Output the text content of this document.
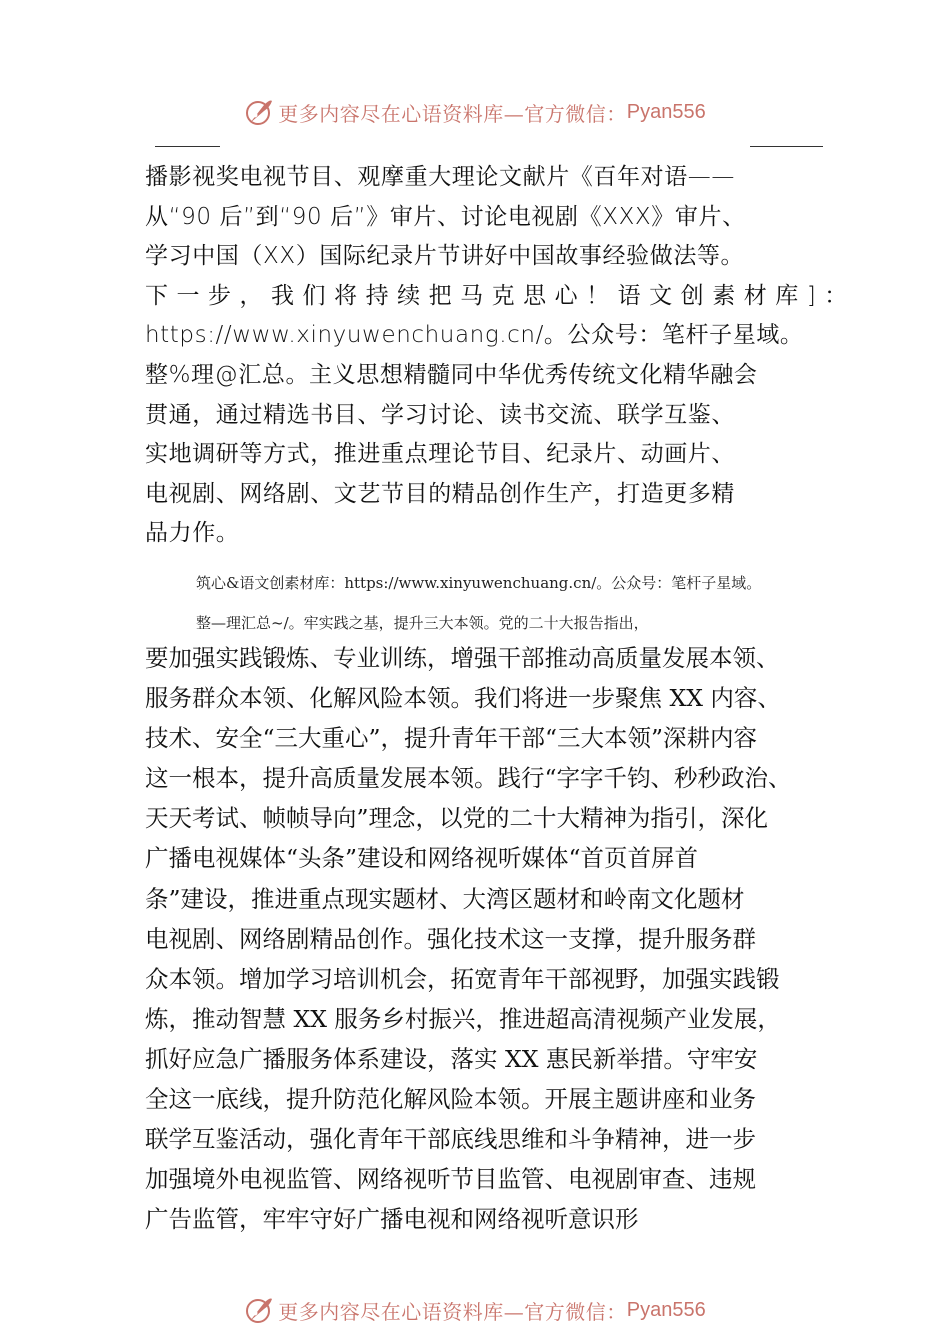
更多内容尽在心语资料库—官方微信： Pyan556
播影视奖电视节目、观摩重大理论文献片《百年对语——
从“90 后”到“90 后”》审片、讨论电视剧《XXX》审片、
学习中国（XX）国际纪录片节讲好中国故事经验做法等。
下 一 步 ， 我 们 将 持 续 把 马 克 思 心 ！ 语 文 创 素 材 库 ] ：
https://www.xinyuwenchuang.cn/。公众号：笔杆子星域。
整%理@汇总。主义思想精髓同中华优秀传统文化精华融会
贯通，通过精选书目、学习讨论、读书交流、联学互鉴、
实地调研等方式，推进重点理论节目、纪录片、动画片、
电视剧、网络剧、文艺节目的精品创作生产，打造更多精
品力作。
筑心&语文创素材库：https://www.xinyuwenchuang.cn/。公众号：笔杆子星域。
整—理汇总~/。牢实践之基，提升三大本领。党的二十大报告指出，
要加强实践锻炼、专业训练，增强干部推动高质量发展本领、
服务群众本领、化解风险本领。我们将进一步聚焦 XX 内容、
技术、安全“三大重心”，提升青年干部“三大本领”深耕内容
这一根本，提升高质量发展本领。践行“字字千钧、秒秒政治、
天天考试、帧帧导向”理念，以党的二十大精神为指引，深化
广播电视媒体“头条”建设和网络视听媒体“首页首屏首
条”建设，推进重点现实题材、大湾区题材和岭南文化题材
电视剧、网络剧精品创作。强化技术这一支撑，提升服务群
众本领。增加学习培训机会，拓宽青年干部视野，加强实践锻
炼，推动智慧 XX 服务乡村振兴，推进超高清视频产业发展，
抓好应急广播服务体系建设，落实 XX 惠民新举措。守牢安
全这一底线，提升防范化解风险本领。开展主题讲座和业务
联学互鉴活动，强化青年干部底线思维和斗争精神，进一步
加强境外电视监管、网络视听节目监管、电视剧审查、违规
广告监管，牢牢守好广播电视和网络视听意识形
更多内容尽在心语资料库—官方微信： Pyan556
